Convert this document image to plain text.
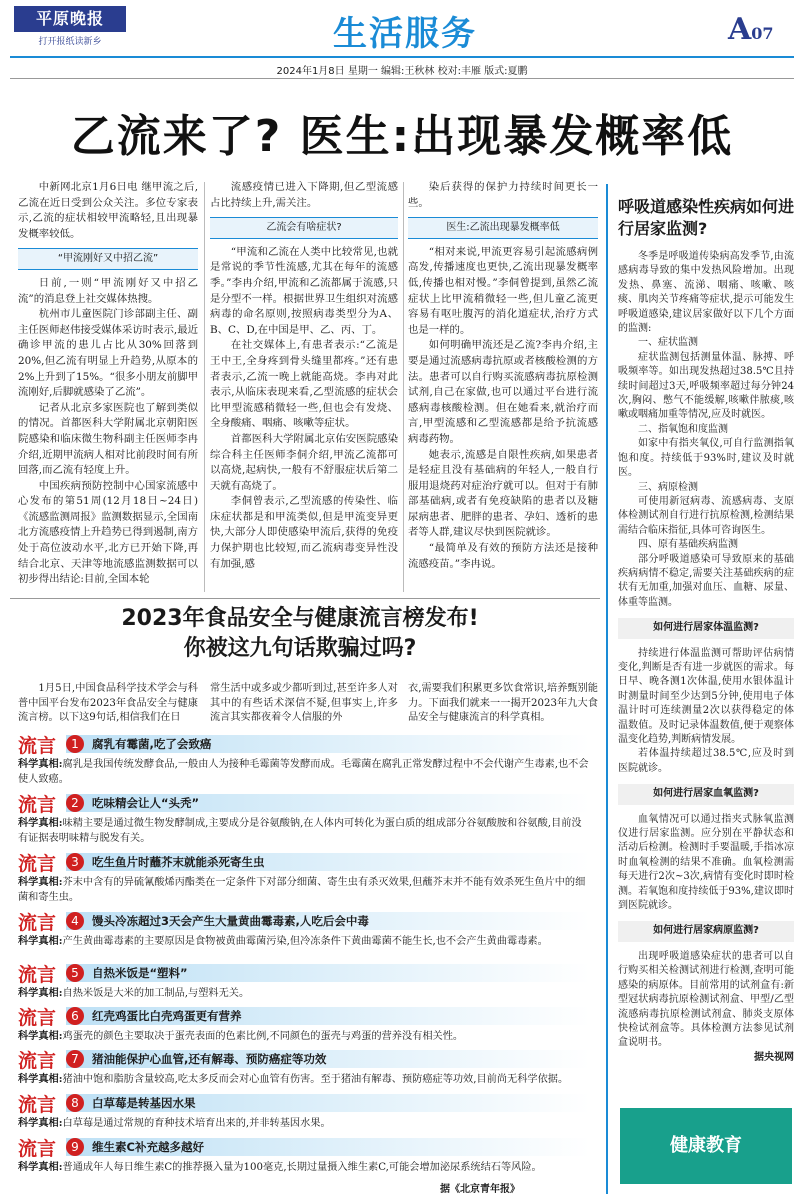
平原晚报
打开报纸读新乡	生活服务	A07
2024年1月8日 星期一 编辑:王秋林 校对:丰雁 版式:夏鹏
乙流来了? 医生:出现暴发概率低

中新网北京1月6日电 继甲流之后,乙流在近日受到公众关注。多位专家表示,乙流的症状相较甲流略轻,且出现暴发概率较低。

“甲流刚好又中招乙流”

日前,一则“甲流刚好又中招乙流”的消息登上社交媒体热搜。

杭州市儿童医院门诊部副主任、副主任医师赵伟接受媒体采访时表示,最近确诊甲流的患儿占比从30%回落到20%,但乙流有明显上升趋势,从原本的2%上升到了15%。“很多小朋友前脚甲流刚好,后脚就感染了乙流”。

记者从北京多家医院也了解到类似的情况。首都医科大学附属北京朝阳医院感染和临床微生物科副主任医师李冉介绍,近期甲流病人相对比前段时间有所回落,而乙流有轻度上升。

中国疾病预防控制中心国家流感中心发布的第51周(12月18日~24日)《流感监测周报》监测数据显示,全国南北方流感疫情上升趋势已得到遏制,南方处于高位波动水平,北方已开始下降,再结合北京、天津等地流感监测数据可以初步得出结论:目前,全国本轮

流感疫情已进入下降期,但乙型流感占比持续上升,需关注。

乙流会有啥症状?

“甲流和乙流在人类中比较常见,也就是常说的季节性流感,尤其在每年的流感季。”李冉介绍,甲流和乙流都属于流感,只是分型不一样。根据世界卫生组织对流感病毒的命名原则,按照病毒类型分为A、B、C、D,在中国是甲、乙、丙、丁。

在社交媒体上,有患者表示:“乙流是王中王,全身疼到骨头缝里都疼。”还有患者表示,乙流一晚上就能高烧。李冉对此表示,从临床表现来看,乙型流感的症状会比甲型流感稍微轻一些,但也会有发烧、全身酸痛、咽痛、咳嗽等症状。

首都医科大学附属北京佑安医院感染综合科主任医师李侗介绍,甲流乙流都可以高烧,起病快,一般有不舒服症状后第二天就有高烧了。

李侗曾表示,乙型流感的传染性、临床症状都是和甲流类似,但是甲流变异更快,大部分人即使感染甲流后,获得的免疫力保护期也比较短,而乙流病毒变异性没有加强,感

染后获得的保护力持续时间更长一些。

医生:乙流出现暴发概率低

“相对来说,甲流更容易引起流感病例高发,传播速度也更快,乙流出现暴发概率低,传播也相对慢。”李侗曾提到,虽然乙流症状上比甲流稍微轻一些,但儿童乙流更容易有呕吐腹泻的消化道症状,治疗方式也是一样的。

如何明确甲流还是乙流?李冉介绍,主要是通过流感病毒抗原或者核酸检测的方法。患者可以自行购买流感病毒抗原检测试剂,自己在家做,也可以通过平台进行流感病毒核酸检测。但在她看来,就治疗而言,甲型流感和乙型流感都是给予抗流感病毒药物。

她表示,流感是自限性疾病,如果患者是轻症且没有基础病的年轻人,一般自行服用退烧药对症治疗就可以。但对于有肺部基础病,或者有免疫缺陷的患者以及糖尿病患者、肥胖的患者、孕妇、透析的患者等人群,建议尽快到医院就诊。

“最简单及有效的预防方法还是接种流感疫苗。”李冉说。

呼吸道感染性疾病如何进行居家监测?

冬季是呼吸道传染病高发季节,由流感病毒导致的集中发热风险增加。出现发热、鼻塞、流涕、咽痛、咳嗽、咳痰、肌肉关节疼痛等症状,提示可能发生呼吸道感染,建议居家做好以下几个方面的监测:

一、症状监测

症状监测包括测量体温、脉搏、呼吸频率等。如出现发热超过38.5℃且持续时间超过3天,呼吸频率超过每分钟24次,胸闷、憋气不能缓解,咳嗽伴脓痰,咳嗽或咽痛加重等情况,应及时就医。

二、指氧饱和度监测

如家中有指夹氧仪,可自行监测指氧饱和度。持续低于93%时,建议及时就医。

三、病原检测

可使用新冠病毒、流感病毒、支原体检测试剂自行进行抗原检测,检测结果需结合临床指征,具体可咨询医生。

四、原有基础疾病监测

部分呼吸道感染可导致原来的基础疾病病情不稳定,需要关注基础疾病的症状有无加重,加强对血压、血糖、尿量、体重等监测。

如何进行居家体温监测?

持续进行体温监测可帮助评估病情变化,判断是否有进一步就医的需求。每日早、晚各测1次体温,使用水银体温计时测量时间至少达到5分钟,使用电子体温计时可连续测量2次以获得稳定的体温数值。及时记录体温数值,便于观察体温变化趋势,判断病情发展。

若体温持续超过38.5℃,应及时到医院就诊。

如何进行居家血氧监测?

血氧情况可以通过指夹式脉氧监测仪进行居家监测。应分别在平静状态和活动后检测。检测时手要温暖,手指冰凉时血氧检测的结果不准确。血氧检测需每天进行2次~3次,病情有变化时即时检测。若氧饱和度持续低于93%,建议即时到医院就诊。

如何进行居家病原监测?

出现呼吸道感染症状的患者可以自行购买相关检测试剂进行检测,查明可能感染的病原体。目前常用的试剂盒有:新型冠状病毒抗原检测试剂盒、甲型/乙型流感病毒抗原检测试剂盒、肺炎支原体快检试剂盒等。具体检测方法参见试剂盒说明书。

据央视网
健康教育
2023年食品安全与健康流言榜发布!
你被这九句话欺骗过吗?

1月5日,中国食品科学技术学会与科普中国平台发布2023年食品安全与健康流言榜。以下这9句话,相信我们在日

常生活中或多或少都听到过,甚至许多人对其中的有些话术深信不疑,但事实上,许多流言其实都夜着令人信服的外

衣,需要我们积累更多饮食常识,培养甄别能力。下面我们就来一一揭开2023年九大食品安全与健康流言的科学真相。

流言	1	腐乳有霉菌,吃了会致癌
科学真相:腐乳是我国传统发酵食品,一般由人为接种毛霉菌等发酵而成。毛霉菌在腐乳正常发酵过程中不会代谢产生毒素,也不会使人致癌。
流言	2	吃味精会让人“头秃”
科学真相:味精主要是通过微生物发酵制成,主要成分是谷氨酸钠,在人体内可转化为蛋白质的组成部分谷氨酸胺和谷氨酸,目前没有证据表明味精与脱发有关。
流言	3	吃生鱼片时蘸芥末就能杀死寄生虫
科学真相:芥末中含有的异硫氰酸烯丙酯类在一定条件下对部分细菌、寄生虫有杀灭效果,但蘸芥末并不能有效杀死生鱼片中的细菌和寄生虫。
流言	4	馒头冷冻超过3天会产生大量黄曲霉毒素,人吃后会中毒
科学真相:产生黄曲霉毒素的主要原因是食物被黄曲霉菌污染,但冷冻条件下黄曲霉菌不能生长,也不会产生黄曲霉毒素。
流言	5	自热米饭是“塑料”
科学真相:自热米饭是大米的加工制品,与塑料无关。
流言	6	红壳鸡蛋比白壳鸡蛋更有营养
科学真相:鸡蛋壳的颜色主要取决于蛋壳表面的色素比例,不同颜色的蛋壳与鸡蛋的营养没有相关性。
流言	7	猪油能保护心血管,还有解毒、预防癌症等功效
科学真相:猪油中饱和脂肪含量较高,吃太多反而会对心血管有伤害。至于猪油有解毒、预防癌症等功效,目前尚无科学依据。
流言	8	白草莓是转基因水果
科学真相:白草莓是通过常规的育种技术培育出来的,并非转基因水果。
流言	9	维生素C补充越多越好
科学真相:普通成年人每日维生素C的推荐摄入量为100毫克,长期过量摄入维生素C,可能会增加泌尿系统结石等风险。
据《北京青年报》
